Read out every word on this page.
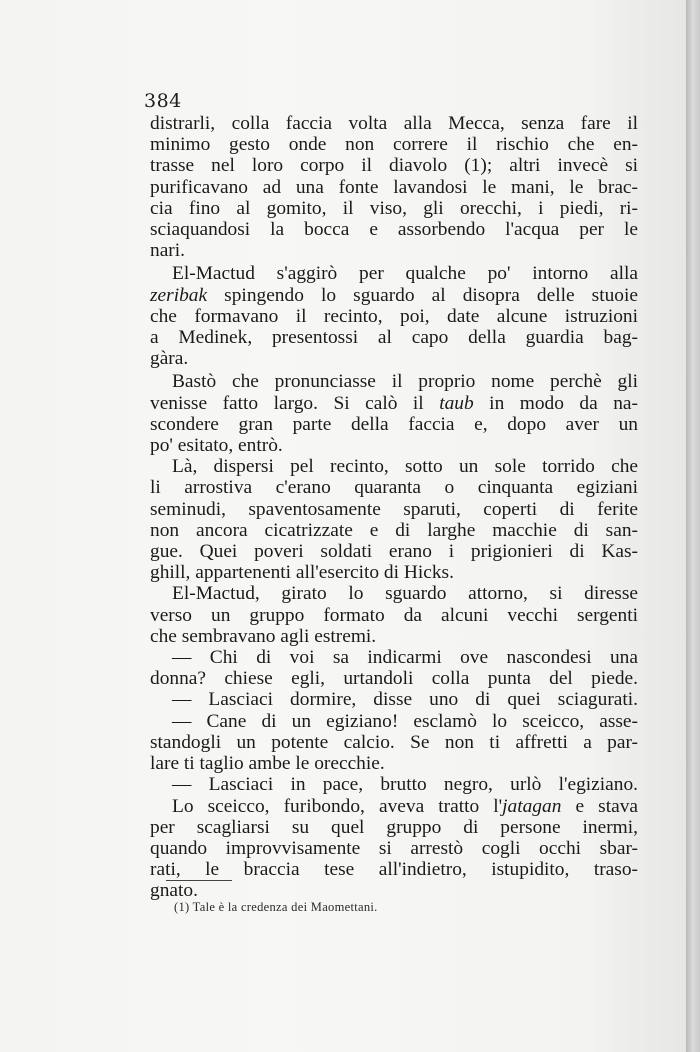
384
distrarli, colla faccia volta alla Mecca, senza fare il
minimo gesto onde non correre il rischio che en-
trasse nel loro corpo il diavolo (1); altri invecè si
purificavano ad una fonte lavandosi le mani, le brac-
cia fino al gomito, il viso, gli orecchi, i piedi, ri-
sciaquandosi la bocca e assorbendo l'acqua per le
nari.
El-Mactud s'aggirò per qualche po' intorno alla
zeribak spingendo lo sguardo al disopra delle stuoie
che formavano il recinto, poi, date alcune istruzioni
a Medinek, presentossi al capo della guardia bag-
gàra.
Bastò che pronunciasse il proprio nome perchè gli
venisse fatto largo. Si calò il taub in modo da na-
scondere gran parte della faccia e, dopo aver un
po' esitato, entrò.
Là, dispersi pel recinto, sotto un sole torrido che
li arrostiva c'erano quaranta o cinquanta egiziani
seminudi, spaventosamente sparuti, coperti di ferite
non ancora cicatrizzate e di larghe macchie di san-
gue. Quei poveri soldati erano i prigionieri di Kas-
ghill, appartenenti all'esercito di Hicks.
El-Mactud, girato lo sguardo attorno, si diresse
verso un gruppo formato da alcuni vecchi sergenti
che sembravano agli estremi.
— Chi di voi sa indicarmi ove nascondesi una
donna? chiese egli, urtandoli colla punta del piede.
— Lasciaci dormire, disse uno di quei sciagurati.
— Cane di un egiziano! esclamò lo sceicco, asse-
standogli un potente calcio. Se non ti affretti a par-
lare ti taglio ambe le orecchie.
— Lasciaci in pace, brutto negro, urlò l'egiziano.
Lo sceicco, furibondo, aveva tratto l'jatagan e stava
per scagliarsi su quel gruppo di persone inermi,
quando improvvisamente si arrestò cogli occhi sbar-
rati, le braccia tese all'indietro, istupidito, traso-
gnato.
(1) Tale è la credenza dei Maomettani.
